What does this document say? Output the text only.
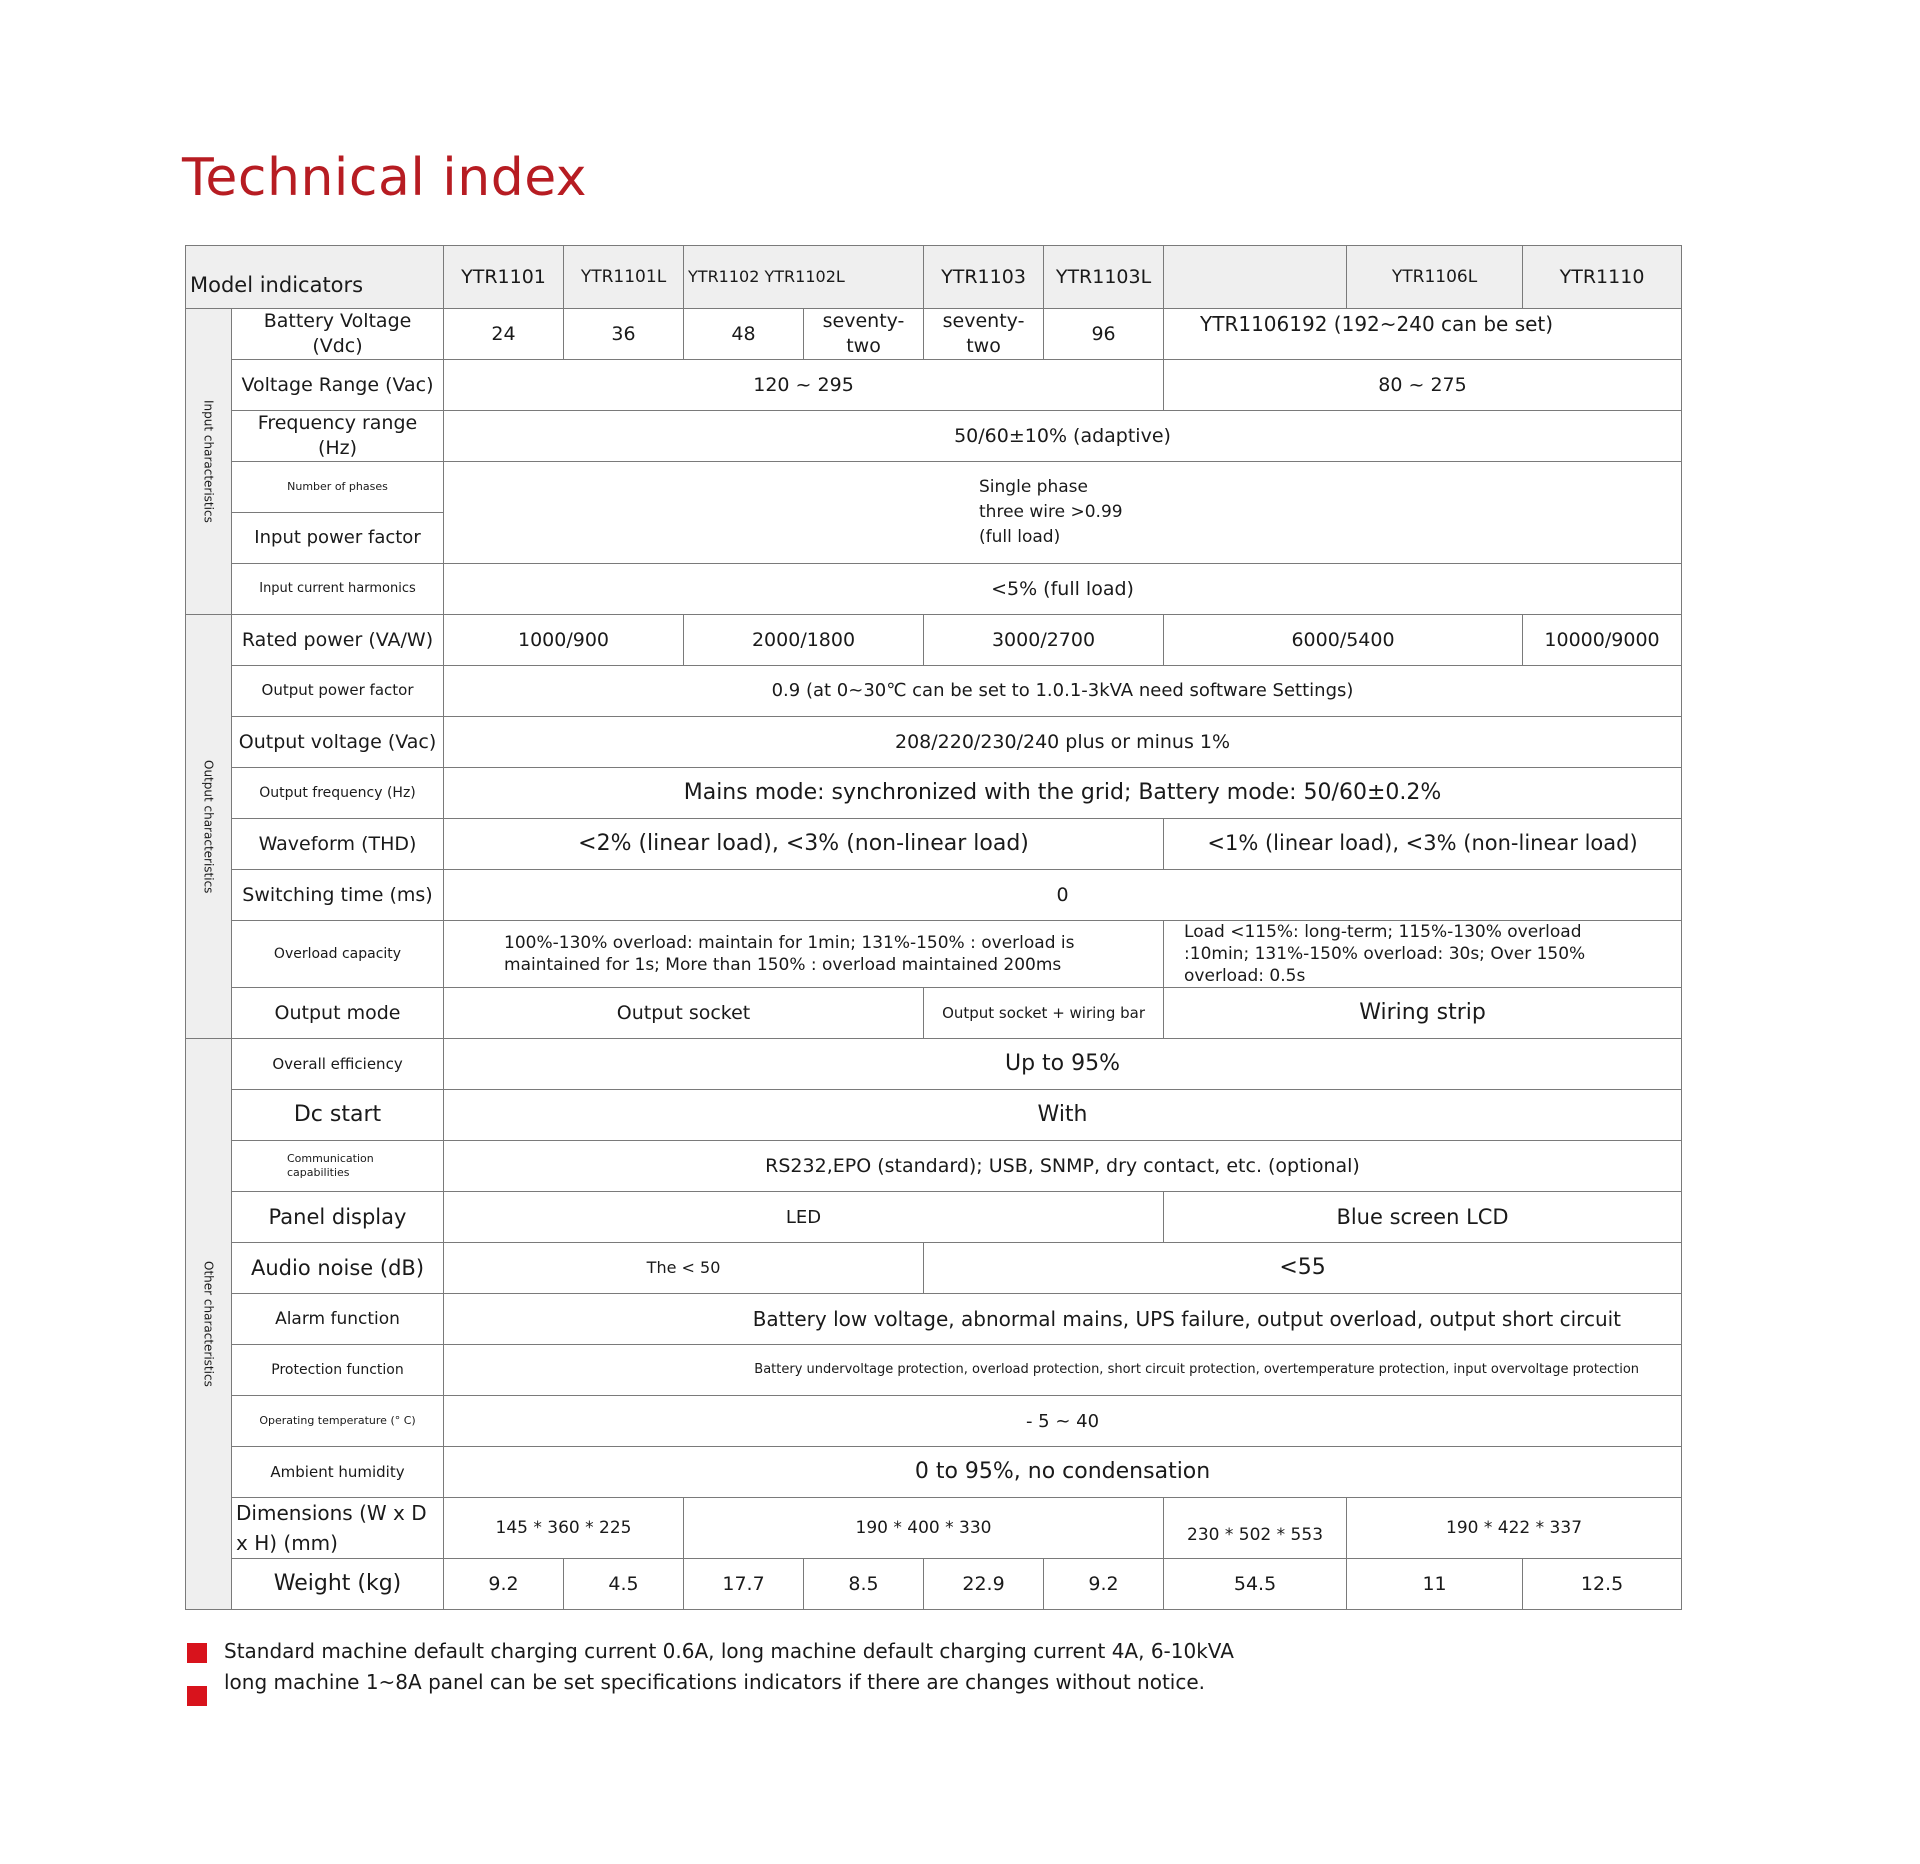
Technical index
Model indicators		YTR1101	YTR1101L	YTR1102 YTR1102L		YTR1103	YTR1103L		YTR1106L	YTR1110

Input characteristics	Battery Voltage (Vdc)	24	36	48	seventy-two	seventy-two	96	YTR1106192 (192~240 can be set)		
	Voltage Range (Vac)	120 ~ 295						80 ~ 275		
	Frequency range (Hz)	50/60±10% (adaptive)								
	Number of phases	Single phase three wire >0.99 (full load)								

	Input power factor									
	Input current harmonics	<5% (full load)								

Output characteristics	Rated power (VA/W)	1000/900		2000/1800		3000/2700		6000/5400		10000/9000
	Output power factor	0.9 (at 0~30℃ can be set to 1.0.1-3kVA need software Settings)								
	Output voltage (Vac)	208/220/230/240 plus or minus 1%								
	Output frequency (Hz)	Mains mode: synchronized with the grid; Battery mode: 50/60±0.2%								
	Waveform (THD)	<2% (linear load), <3% (non-linear load)						<1% (linear load), <3% (non-linear load)		
	Switching time (ms)	0								
	Overload capacity	100%-130% overload: maintain for 1min; 131%-150% : overload is maintained for 1s; More than 150% : overload maintained 200ms						Load <115%: long-term; 115%-130% overload :10min; 131%-150% overload: 30s; Over 150% overload: 0.5s		
	Output mode	Output socket				Output socket + wiring bar		Wiring strip		

Other characteristics	Overall efficiency	Up to 95%								
	Dc start	With								
	Communication capabilities	RS232,EPO (standard); USB, SNMP, dry contact, etc. (optional)								
	Panel display	LED						Blue screen LCD		
	Audio noise (dB)	The < 50				<55				
	Alarm function	Battery low voltage, abnormal mains, UPS failure, output overload, output short circuit								
	Protection function	Battery undervoltage protection, overload protection, short circuit protection, overtemperature protection, input overvoltage protection								
	Operating temperature (° C)	- 5 ~ 40								
	Ambient humidity	0 to 95%, no condensation								
	Dimensions (W x D x H) (mm)	145 * 360 * 225		190 * 400 * 330				230 * 502 * 553	190 * 422 * 337	
	Weight (kg)	9.2	4.5	17.7	8.5	22.9	9.2	54.5	11	12.5
Standard machine default charging current 0.6A, long machine default charging current 4A, 6-10kVA
long machine 1~8A panel can be set specifications indicators if there are changes without notice.
